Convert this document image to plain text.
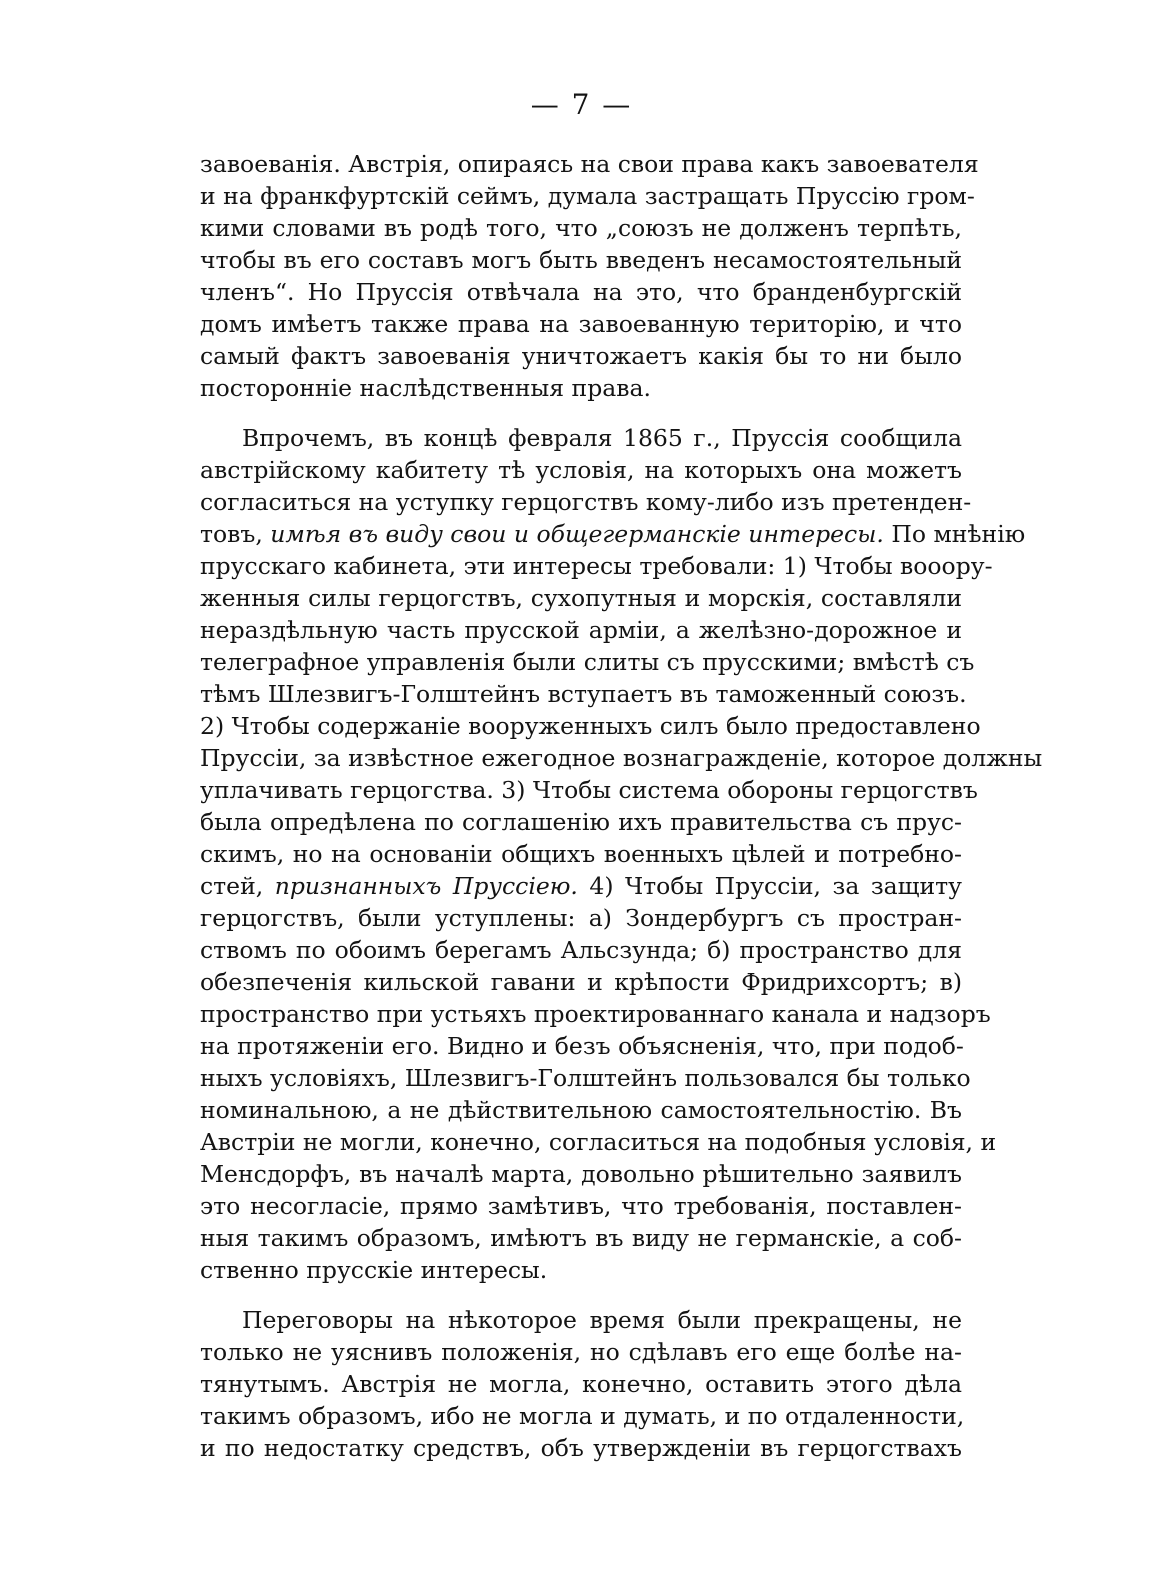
— 7 —
завоеванія. Австрія, опираясь на свои права какъ завоевателя
и на франкфуртскій сеймъ, думала застращать Пруссію гром-
кими словами въ родѣ того, что „союзъ не долженъ терпѣть,
чтобы въ его составъ могъ быть введенъ несамостоятельный
членъ“. Но Пруссія отвѣчала на это, что бранденбургскій
домъ имѣетъ также права на завоеванную територію, и что
самый фактъ завоеванія уничтожаетъ какія бы то ни было
посторонніе наслѣдственныя права.
Впрочемъ, въ концѣ февраля 1865 г., Пруссія сообщила
австрійскому кабитету тѣ условія, на которыхъ она можетъ
согласиться на уступку герцогствъ кому-либо изъ претенден-
товъ, имѣя въ виду свои и общегерманскіе интересы. По мнѣнію
прусскаго кабинета, эти интересы требовали: 1) Чтобы вооору-
женныя силы герцогствъ, сухопутныя и морскія, составляли
нераздѣльную часть прусской арміи, а желѣзно-дорожное и
телеграфное управленія были слиты съ прусскими; вмѣстѣ съ
тѣмъ Шлезвигъ-Голштейнъ вступаетъ въ таможенный союзъ.
2) Чтобы содержаніе вооруженныхъ силъ было предоставлено
Пруссіи, за извѣстное ежегодное вознагражденіе, которое должны
уплачивать герцогства. 3) Чтобы система обороны герцогствъ
была опредѣлена по соглашенію ихъ правительства съ прус-
скимъ, но на основаніи общихъ военныхъ цѣлей и потребно-
стей, признанныхъ Пруссіею. 4) Чтобы Пруссіи, за защиту
герцогствъ, были уступлены: а) Зондербургъ съ простран-
ствомъ по обоимъ берегамъ Альсзунда; б) пространство для
обезпеченія кильской гавани и крѣпости Фридрихсортъ; в)
пространство при устьяхъ проектированнаго канала и надзоръ
на протяженіи его. Видно и безъ объясненія, что, при подоб-
ныхъ условіяхъ, Шлезвигъ-Голштейнъ пользовался бы только
номинальною, а не дѣйствительною самостоятельностію. Въ
Австріи не могли, конечно, согласиться на подобныя условія, и
Менсдорфъ, въ началѣ марта, довольно рѣшительно заявилъ
это несогласіе, прямо замѣтивъ, что требованія, поставлен-
ныя такимъ образомъ, имѣютъ въ виду не германскіе, а соб-
ственно прусскіе интересы.
Переговоры на нѣкоторое время были прекращены, не
только не уяснивъ положенія, но сдѣлавъ его еще болѣе на-
тянутымъ. Австрія не могла, конечно, оставить этого дѣла
такимъ образомъ, ибо не могла и думать, и по отдаленности,
и по недостатку средствъ, объ утвержденіи въ герцогствахъ
